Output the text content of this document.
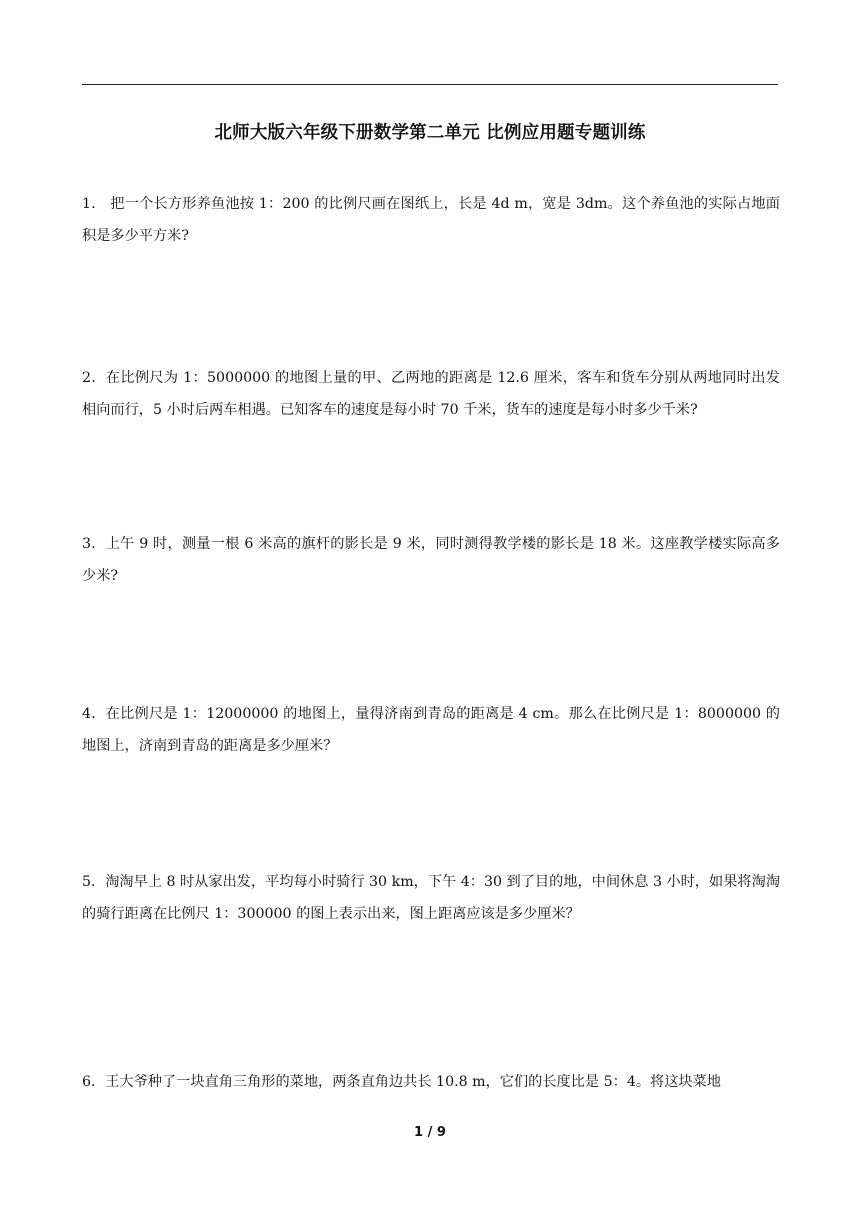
北师大版六年级下册数学第二单元 比例应用题专题训练

1． 把一个长方形养鱼池按 1：200 的比例尺画在图纸上，长是 4d m，宽是 3dm。这个养鱼池的实际占地面积是多少平方米?

2．在比例尺为 1：5000000 的地图上量的甲、乙两地的距离是 12.6 厘米，客车和货车分别从两地同时出发相向而行，5 小时后两车相遇。已知客车的速度是每小时 70 千米，货车的速度是每小时多少千米?

3．上午 9 时，测量一根 6 米高的旗杆的影长是 9 米，同时测得教学楼的影长是 18 米。这座教学楼实际高多少米?

4．在比例尺是 1：12000000 的地图上，量得济南到青岛的距离是 4 cm。那么在比例尺是 1：8000000 的地图上，济南到青岛的距离是多少厘米？

5．淘淘早上 8 时从家出发，平均每小时骑行 30 km，下午 4：30 到了目的地，中间休息 3 小时，如果将淘淘的骑行距离在比例尺 1：300000 的图上表示出来，图上距离应该是多少厘米？

6．王大爷种了一块直角三角形的菜地，两条直角边共长 10.8 m，它们的长度比是 5：4。将这块菜地

1 / 9
